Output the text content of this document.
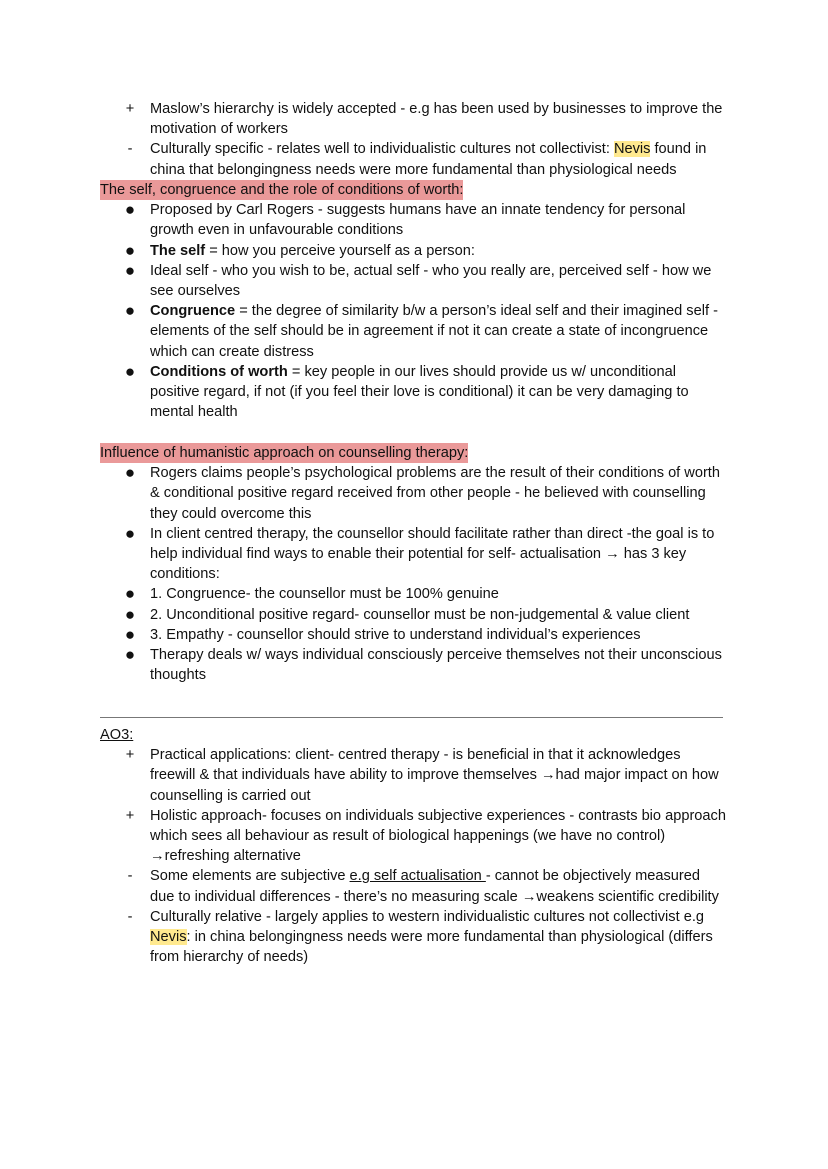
+	Maslow’s hierarchy is widely accepted - e.g has been used by businesses to improve the motivation of workers
-	Culturally specific - relates well to individualistic cultures not collectivist: Nevis found in china that belongingness needs were more fundamental than physiological needs
The self, congruence and the role of conditions of worth:
●	Proposed by Carl Rogers - suggests humans have an innate tendency for personal growth even in unfavourable conditions
●	The self = how you perceive yourself as a person:
●	Ideal self - who you wish to be, actual self - who you really are, perceived self - how we see ourselves
●	Congruence = the degree of similarity b/w a person’s ideal self and their imagined self - elements of the self should be in agreement if not it can create a state of incongruence which can create distress
●	Conditions of worth = key people in our lives should provide us w/ unconditional positive regard, if not (if you feel their love is conditional) it can be very damaging to mental health
Influence of humanistic approach on counselling therapy:
●	Rogers claims people’s psychological problems are the result of their conditions of worth & conditional positive regard received from other people - he believed with counselling they could overcome this
●	In client centred therapy, the counsellor should facilitate rather than direct -the goal is to help individual find ways to enable their potential for self- actualisation → has 3 key conditions:
●	1. Congruence- the counsellor must be 100% genuine
●	2. Unconditional positive regard- counsellor must be non-judgemental & value client
●	3. Empathy - counsellor should strive to understand individual’s experiences
●	Therapy deals w/ ways individual consciously perceive themselves not their unconscious thoughts
AO3:
+	Practical applications: client- centred therapy - is beneficial in that it acknowledges freewill & that individuals have ability to improve themselves →had major impact on how counselling is carried out
+	Holistic approach- focuses on individuals subjective experiences - contrasts bio approach which sees all behaviour as result of biological happenings (we have no control) →refreshing alternative
-	Some elements are subjective e.g self actualisation - cannot be objectively measured due to individual differences - there’s no measuring scale →weakens scientific credibility
-	Culturally relative - largely applies to western individualistic cultures not collectivist e.g Nevis: in china belongingness needs were more fundamental than physiological (differs from hierarchy of needs)
